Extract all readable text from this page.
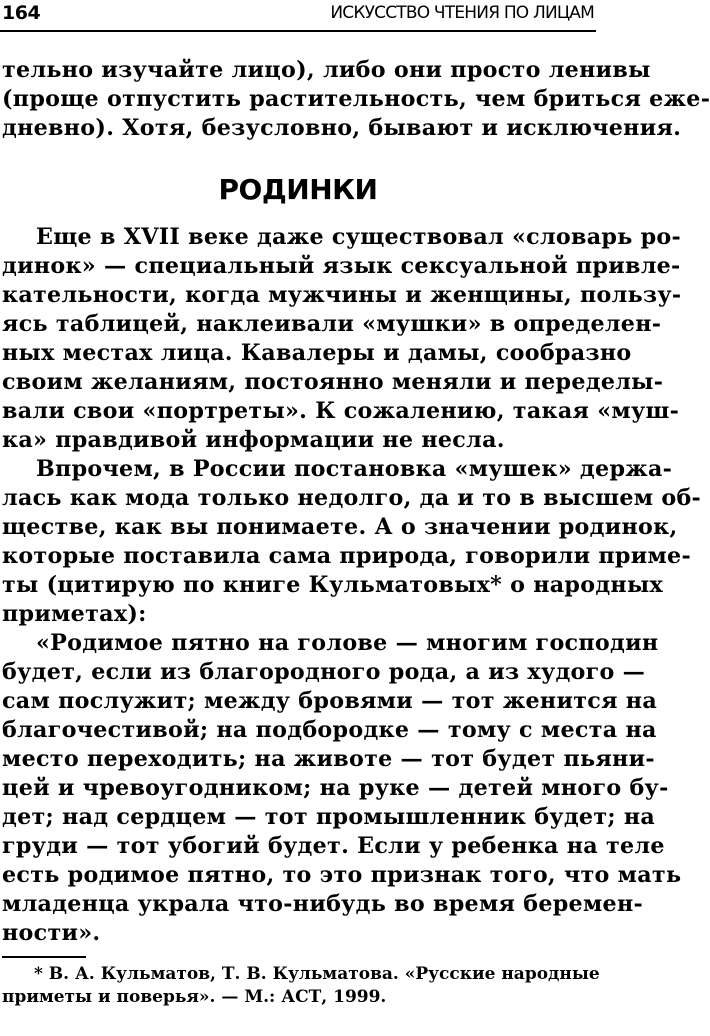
164	ИСКУССТВО ЧТЕНИЯ ПО ЛИЦАМ
тельно изучайте лицо), либо они просто ленивы
(проще отпустить растительность, чем бриться еже-
дневно). Хотя, безусловно, бывают и исключения.
РОДИНКИ
Еще в XVII веке даже существовал «словарь ро-
динок» — специальный язык сексуальной привле-
кательности, когда мужчины и женщины, пользу-
ясь таблицей, наклеивали «мушки» в определен-
ных местах лица. Кавалеры и дамы, сообразно
своим желаниям, постоянно меняли и переделы-
вали свои «портреты». К сожалению, такая «муш-
ка» правдивой информации не несла.
Впрочем, в России постановка «мушек» держа-
лась как мода только недолго, да и то в высшем об-
ществе, как вы понимаете. А о значении родинок,
которые поставила сама природа, говорили приме-
ты (цитирую по книге Кульматовых* о народных
приметах):
«Родимое пятно на голове — многим господин
будет, если из благородного рода, а из худого —
сам послужит; между бровями — тот женится на
благочестивой; на подбородке — тому с места на
место переходить; на животе — тот будет пьяни-
цей и чревоугодником; на руке — детей много бу-
дет; над сердцем — тот промышленник будет; на
груди — тот убогий будет. Если у ребенка на теле
есть родимое пятно, то это признак того, что мать
младенца украла что-нибудь во время беремен-
ности».
* В. А. Кульматов, Т. В. Кульматова. «Русские народные
приметы и поверья». — М.: АСТ, 1999.
